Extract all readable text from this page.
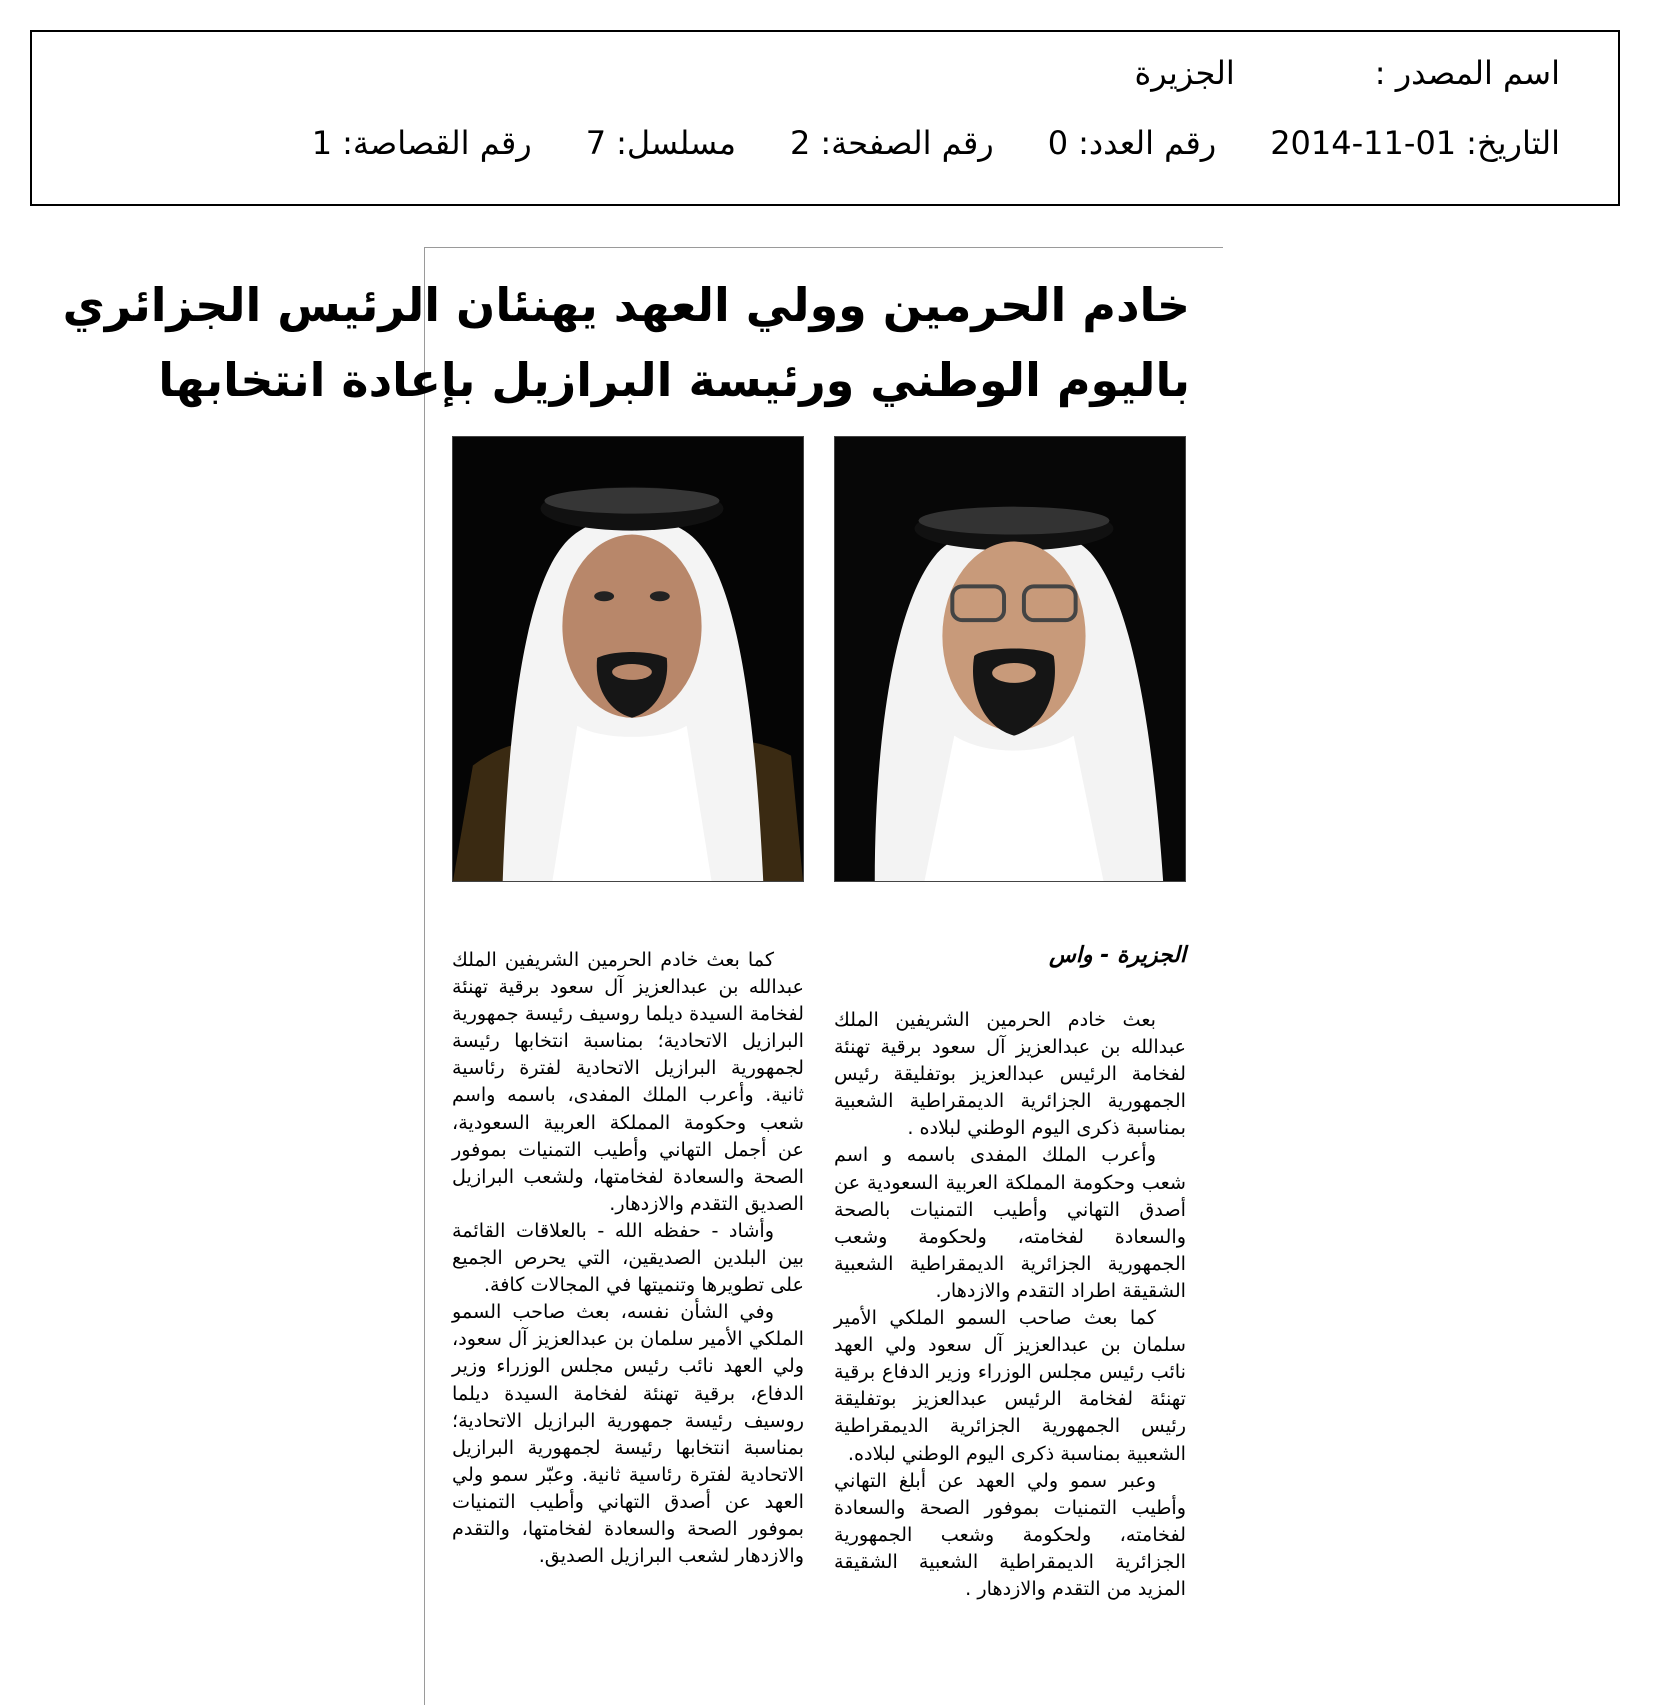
اسم المصدر :
الجزيرة
التاريخ:
2014-11-01
رقم العدد:
0
رقم الصفحة:
2
مسلسل:
7
رقم القصاصة:
1
خادم الحرمين وولي العهد يهنئان الرئيس الجزائري
باليوم الوطني ورئيسة البرازيل بإعادة انتخابها
الجزيرة - واس

بعث خادم الحرمين الشريفين الملك عبدالله بن عبدالعزيز آل سعود برقية تهنئة لفخامة الرئيس عبدالعزيز بوتفليقة رئيس الجمهورية الجزائرية الديمقراطية الشعبية بمناسبة ذكرى اليوم الوطني لبلاده .

وأعرب الملك المفدى باسمه و اسم شعب وحكومة المملكة العربية السعودية عن أصدق التهاني وأطيب التمنيات بالصحة والسعادة لفخامته، ولحكومة وشعب الجمهورية الجزائرية الديمقراطية الشعبية الشقيقة اطراد التقدم والازدهار.

كما بعث صاحب السمو الملكي الأمير سلمان بن عبدالعزيز آل سعود ولي العهد نائب رئيس مجلس الوزراء وزير الدفاع برقية تهنئة لفخامة الرئيس عبدالعزيز بوتفليقة رئيس الجمهورية الجزائرية الديمقراطية الشعبية بمناسبة ذكرى اليوم الوطني لبلاده.

وعبر سمو ولي العهد عن أبلغ التهاني وأطيب التمنيات بموفور الصحة والسعادة لفخامته، ولحكومة وشعب الجمهورية الجزائرية الديمقراطية الشعبية الشقيقة المزيد من التقدم والازدهار .

كما بعث خادم الحرمين الشريفين الملك عبدالله بن عبدالعزيز آل سعود برقية تهنئة لفخامة السيدة ديلما روسيف رئيسة جمهورية البرازيل الاتحادية؛ بمناسبة انتخابها رئيسة لجمهورية البرازيل الاتحادية لفترة رئاسية ثانية. وأعرب الملك المفدى، باسمه واسم شعب وحكومة المملكة العربية السعودية، عن أجمل التهاني وأطيب التمنيات بموفور الصحة والسعادة لفخامتها، ولشعب البرازيل الصديق التقدم والازدهار.

وأشاد - حفظه الله - بالعلاقات القائمة بين البلدين الصديقين، التي يحرص الجميع على تطويرها وتنميتها في المجالات كافة.

وفي الشأن نفسه، بعث صاحب السمو الملكي الأمير سلمان بن عبدالعزيز آل سعود، ولي العهد نائب رئيس مجلس الوزراء وزير الدفاع، برقية تهنئة لفخامة السيدة ديلما روسيف رئيسة جمهورية البرازيل الاتحادية؛ بمناسبة انتخابها رئيسة لجمهورية البرازيل الاتحادية لفترة رئاسية ثانية. وعبّر سمو ولي العهد عن أصدق التهاني وأطيب التمنيات بموفور الصحة والسعادة لفخامتها، والتقدم والازدهار لشعب البرازيل الصديق.
